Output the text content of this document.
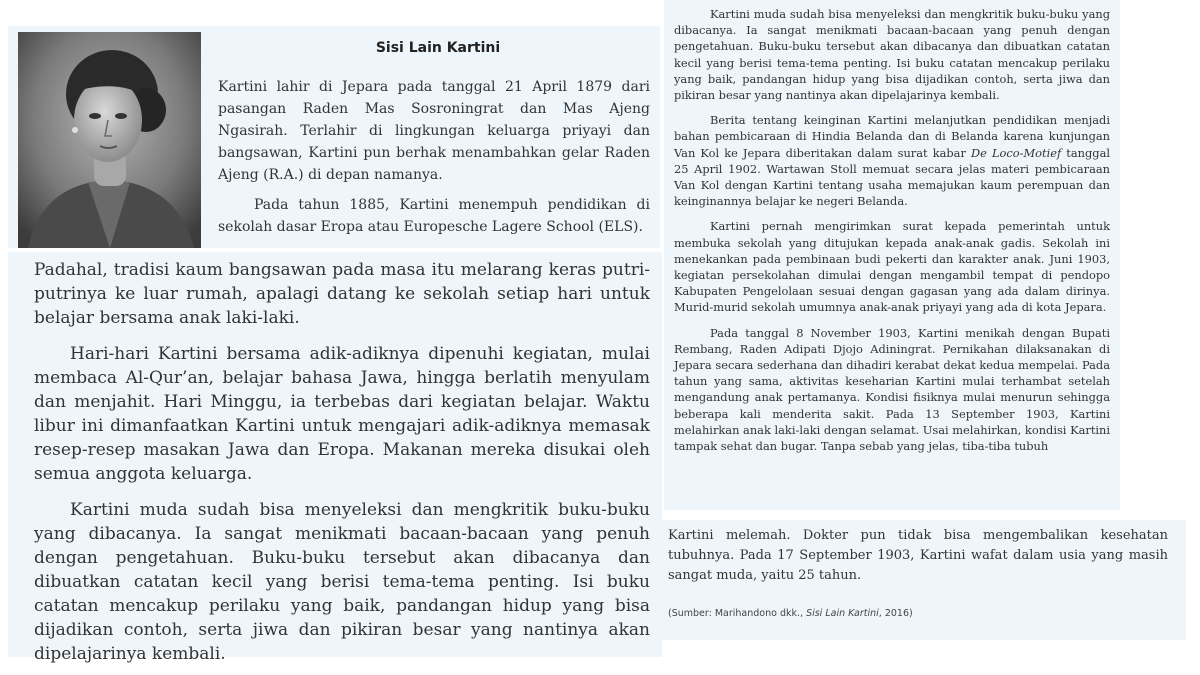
Sisi Lain Kartini

Kartini lahir di Jepara pada tanggal 21 April 1879 dari pasangan Raden Mas Sosroningrat dan Mas Ajeng Ngasirah. Terlahir di lingkungan keluarga priyayi dan bangsawan, Kartini pun berhak menambahkan gelar Raden Ajeng (R.A.) di depan namanya.

Pada tahun 1885, Kartini menempuh pendidikan di sekolah dasar Eropa atau Europesche Lagere School (ELS).

Padahal, tradisi kaum bangsawan pada masa itu melarang keras putri-putrinya ke luar rumah, apalagi datang ke sekolah setiap hari untuk belajar bersama anak laki-laki.

Hari-hari Kartini bersama adik-adiknya dipenuhi kegiatan, mulai membaca Al-Qur’an, belajar bahasa Jawa, hingga berlatih menyulam dan menjahit. Hari Minggu, ia terbebas dari kegiatan belajar. Waktu libur ini dimanfaatkan Kartini untuk mengajari adik-adiknya memasak resep-resep masakan Jawa dan Eropa. Makanan mereka disukai oleh semua anggota keluarga.

Kartini muda sudah bisa menyeleksi dan mengkritik buku-buku yang dibacanya. Ia sangat menikmati bacaan-bacaan yang penuh dengan pengetahuan. Buku-buku tersebut akan dibacanya dan dibuatkan catatan kecil yang berisi tema-tema penting. Isi buku catatan mencakup perilaku yang baik, pandangan hidup yang bisa dijadikan contoh, serta jiwa dan pikiran besar yang nantinya akan dipelajarinya kembali.

Kartini muda sudah bisa menyeleksi dan mengkritik buku-buku yang dibacanya. Ia sangat menikmati bacaan-bacaan yang penuh dengan pengetahuan. Buku-buku tersebut akan dibacanya dan dibuatkan catatan kecil yang berisi tema-tema penting. Isi buku catatan mencakup perilaku yang baik, pandangan hidup yang bisa dijadikan contoh, serta jiwa dan pikiran besar yang nantinya akan dipelajarinya kembali.

Berita tentang keinginan Kartini melanjutkan pendidikan menjadi bahan pembicaraan di Hindia Belanda dan di Belanda karena kunjungan Van Kol ke Jepara diberitakan dalam surat kabar De Loco-Motief tanggal 25 April 1902. Wartawan Stoll memuat secara jelas materi pembicaraan Van Kol dengan Kartini tentang usaha memajukan kaum perempuan dan keinginannya belajar ke negeri Belanda.

Kartini pernah mengirimkan surat kepada pemerintah untuk membuka sekolah yang ditujukan kepada anak-anak gadis. Sekolah ini menekankan pada pembinaan budi pekerti dan karakter anak. Juni 1903, kegiatan persekolahan dimulai dengan mengambil tempat di pendopo Kabupaten Pengelolaan sesuai dengan gagasan yang ada dalam dirinya. Murid-murid sekolah umumnya anak-anak priyayi yang ada di kota Jepara.

Pada tanggal 8 November 1903, Kartini menikah dengan Bupati Rembang, Raden Adipati Djojo Adiningrat. Pernikahan dilaksanakan di Jepara secara sederhana dan dihadiri kerabat dekat kedua mempelai. Pada tahun yang sama, aktivitas keseharian Kartini mulai terhambat setelah mengandung anak pertamanya. Kondisi fisiknya mulai menurun sehingga beberapa kali menderita sakit. Pada 13 September 1903, Kartini melahirkan anak laki-laki dengan selamat. Usai melahirkan, kondisi Kartini tampak sehat dan bugar. Tanpa sebab yang jelas, tiba-tiba tubuh

Kartini melemah. Dokter pun tidak bisa mengembalikan kesehatan tubuhnya. Pada 17 September 1903, Kartini wafat dalam usia yang masih sangat muda, yaitu 25 tahun.

(Sumber: Marihandono dkk., Sisi Lain Kartini, 2016)
